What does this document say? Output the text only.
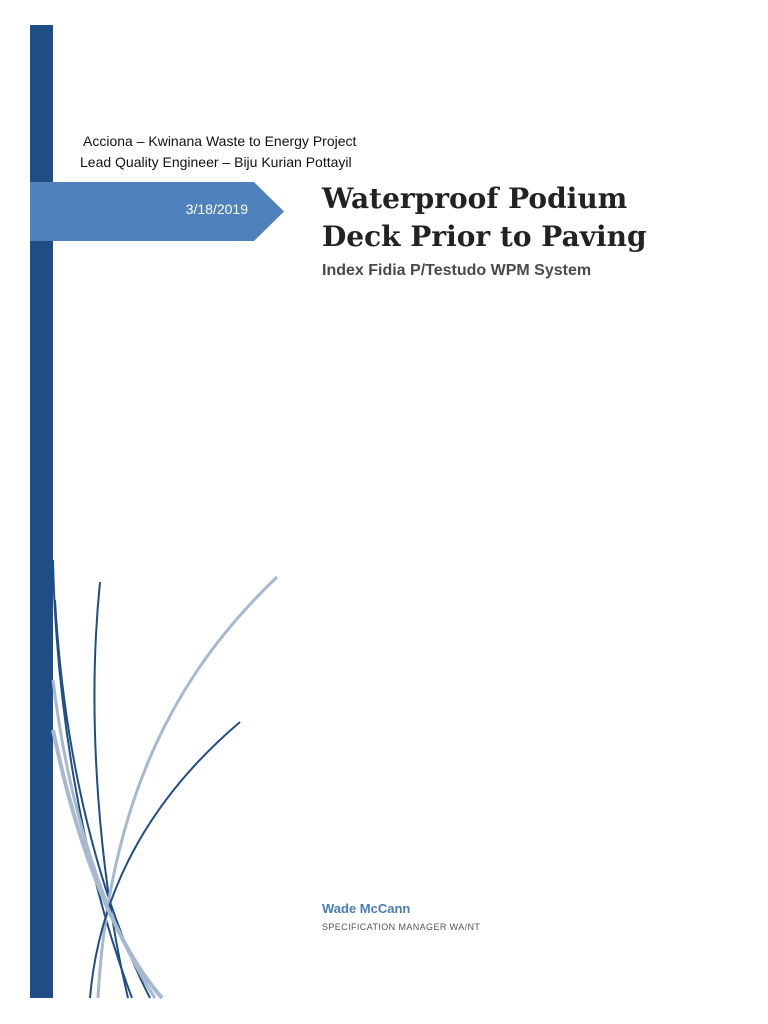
Acciona – Kwinana Waste to Energy Project
Lead Quality Engineer – Biju Kurian Pottayil
3/18/2019	Waterproof Podium
Deck Prior to Paving
Index Fidia P/Testudo WPM System
Wade McCann
SPECIFICATION MANAGER WA/NT
